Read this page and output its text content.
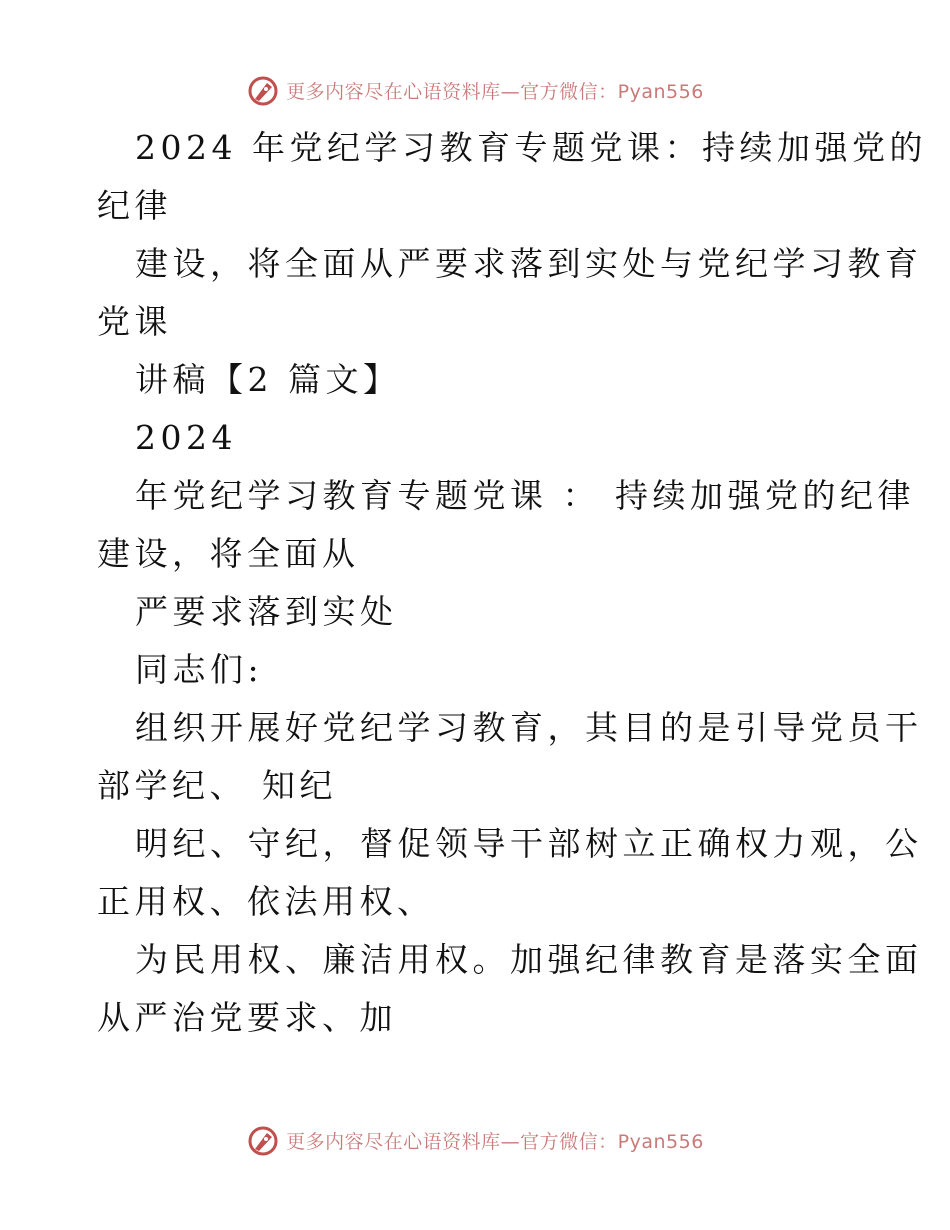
更多内容尽在心语资料库—官方微信：Pyan556
2024 年党纪学习教育专题党课：持续加强党的
纪律
建设，将全面从严要求落到实处与党纪学习教育
党课
讲稿【2 篇文】
2024
年党纪学习教育专题党课 ： 持续加强党的纪律
建设，将全面从
严要求落到实处
同志们:
组织开展好党纪学习教育，其目的是引导党员干
部学纪、 知纪
明纪、守纪，督促领导干部树立正确权力观，公
正用权、依法用权、
为民用权、廉洁用权。加强纪律教育是落实全面
从严治党要求、加
更多内容尽在心语资料库—官方微信：Pyan556
